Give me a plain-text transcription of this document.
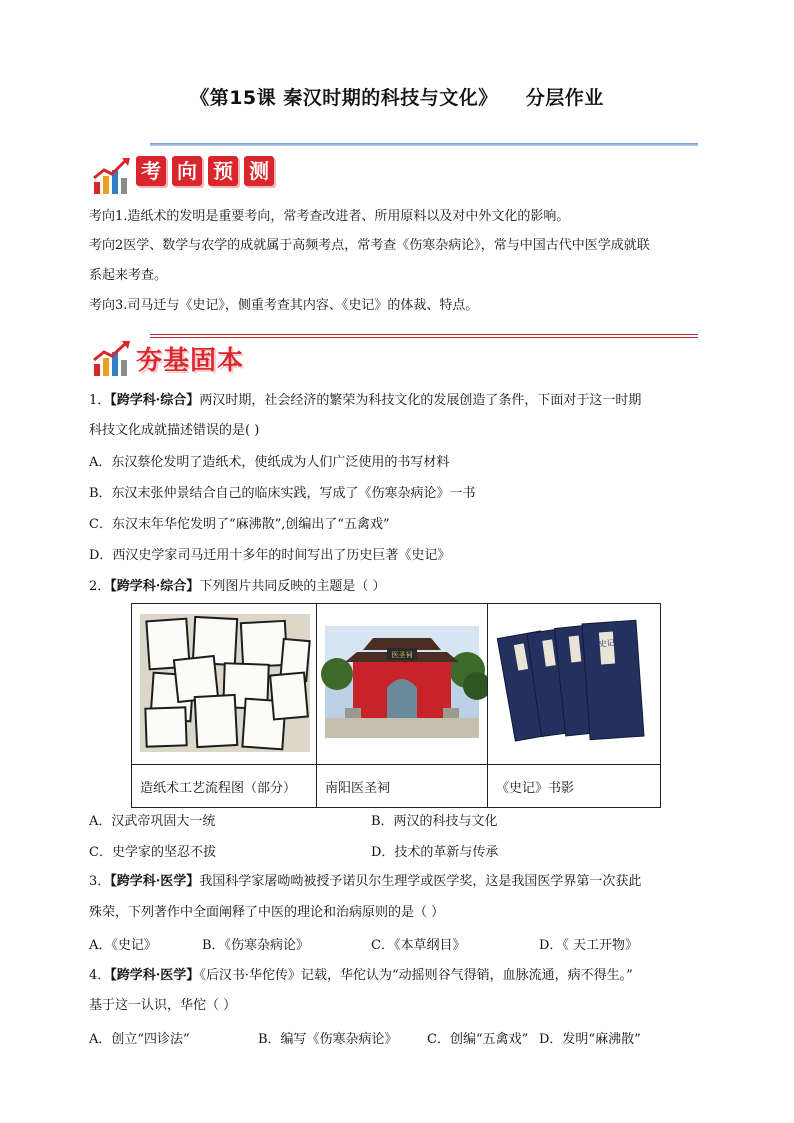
《第15课 秦汉时期的科技与文化》 分层作业
考 向 预 测
考向1.造纸术的发明是重要考向，常考查改进者、所用原料以及对中外文化的影响。
考向2医学、数学与农学的成就属于高频考点，常考查《伤寒杂病论》，常与中国古代中医学成就联
系起来考查。
考向3.司马迁与《史记》，侧重考查其内容、《史记》的体裁、特点。
夯基固本
1．【跨学科·综合】两汉时期，社会经济的繁荣为科技文化的发展创造了条件，下面对于这一时期
科技文化成就描述错误的是( )
A．东汉蔡伦发明了造纸术，使纸成为人们广泛使用的书写材料
B．东汉末张仲景结合自己的临床实践，写成了《伤寒杂病论》一书
C．东汉末年华佗发明了“麻沸散”,创编出了“五禽戏”
D．西汉史学家司马迁用十多年的时间写出了历史巨著《史记》
2．【跨学科·综合】下列图片共同反映的主题是（ ）

医圣祠	史记

造纸术工艺流程图（部分）	南阳医圣祠	《史记》书影
A．汉武帝巩固大一统	B．两汉的科技与文化
C．史学家的坚忍不拔	D．技术的革新与传承
3．【跨学科·医学】我国科学家屠呦呦被授予诺贝尔生理学或医学奖，这是我国医学界第一次获此
殊荣，下列著作中全面阐释了中医的理论和治病原则的是（ ）
A．《史记》	B．《伤寒杂病论》	C．《本草纲目》	D．《 天工开物》
4．【跨学科·医学】《后汉书·华佗传》记载，华佗认为“动摇则谷气得销，血脉流通，病不得生。”
基于这一认识，华佗（ ）
A．创立“四诊法”	B．编写《伤寒杂病论》 C．创编“五禽戏” D．发明“麻沸散”
